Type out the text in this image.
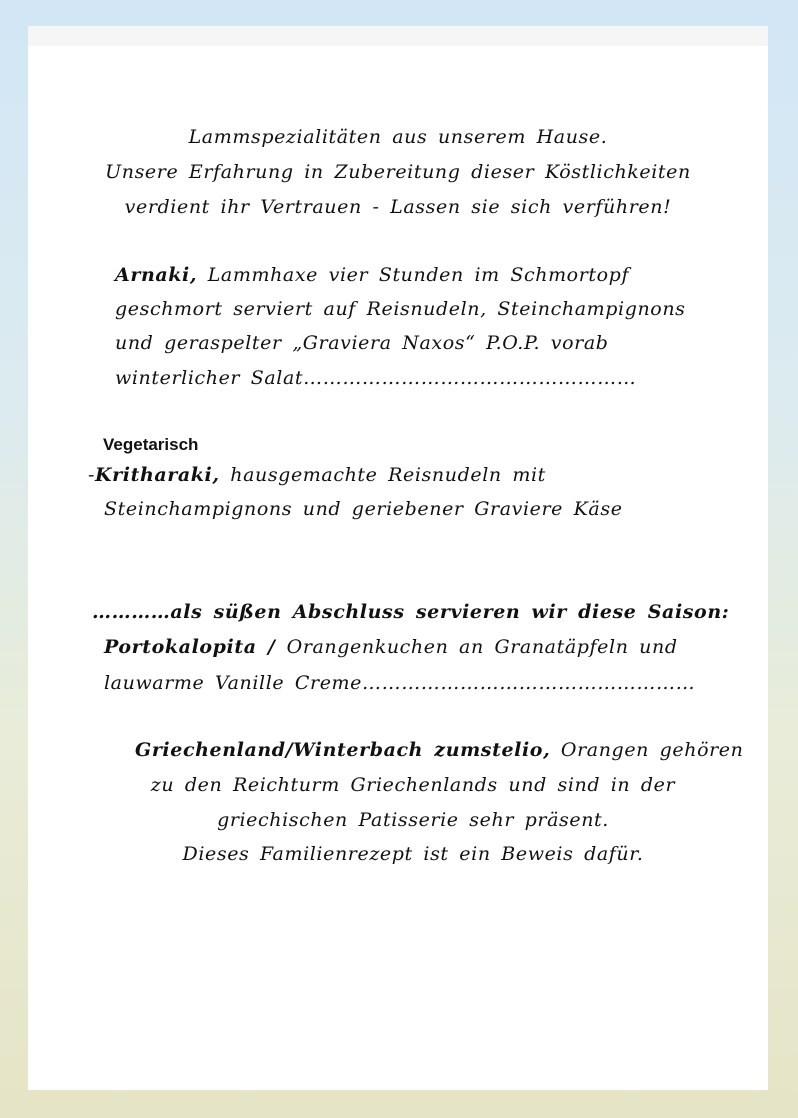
Lammspezialitäten aus unserem Hause.
Unsere Erfahrung in Zubereitung dieser Köstlichkeiten
verdient ihr Vertrauen - Lassen sie sich verführen!
Arnaki, Lammhaxe vier Stunden im Schmortopf
geschmort serviert auf Reisnudeln, Steinchampignons
und geraspelter „Graviera Naxos“ P.O.P. vorab
winterlicher Salat……………………………………………
Vegetarisch
-Kritharaki, hausgemachte Reisnudeln mit
Steinchampignons und geriebener Graviere Käse
…………als süßen Abschluss servieren wir diese Saison:
Portokalopita / Orangenkuchen an Granatäpfeln und
lauwarme Vanille Creme……………………………………………
Griechenland/Winterbach zumstelio, Orangen gehören
zu den Reichturm Griechenlands und sind in der
griechischen Patisserie sehr präsent.
Dieses Familienrezept ist ein Beweis dafür.
